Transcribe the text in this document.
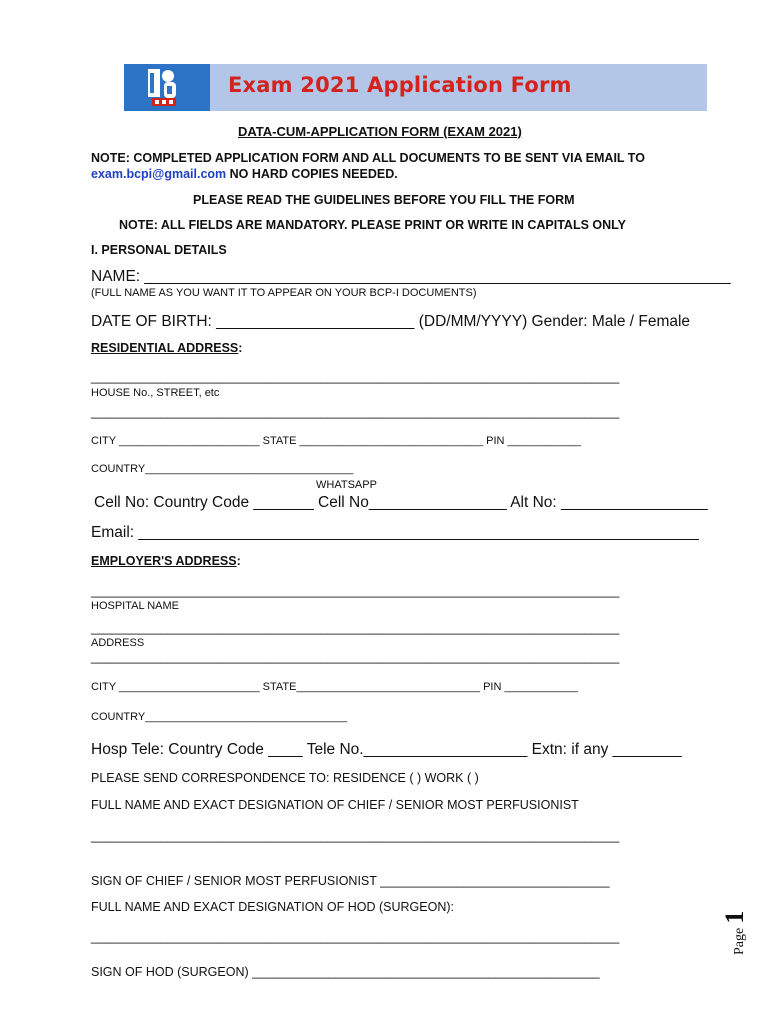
Exam 2021 Application Form
DATA-CUM-APPLICATION FORM (EXAM 2021)
NOTE: COMPLETED APPLICATION FORM AND ALL DOCUMENTS TO BE SENT VIA EMAIL TO
exam.bcpi@gmail.com NO HARD COPIES NEEDED.
PLEASE READ THE GUIDELINES BEFORE YOU FILL THE FORM
NOTE: ALL FIELDS ARE MANDATORY. PLEASE PRINT OR WRITE IN CAPITALS ONLY
I. PERSONAL DETAILS
NAME: ____________________________________________________________________
(FULL NAME AS YOU WANT IT TO APPEAR ON YOUR BCP-I DOCUMENTS)
DATE OF BIRTH: _______________________ (DD/MM/YYYY) Gender: Male / Female
RESIDENTIAL ADDRESS:
____________________________________________________________________________
HOUSE No., STREET, etc
____________________________________________________________________________
CITY _______________________ STATE ______________________________ PIN ____________
COUNTRY__________________________________
WHATSAPP
Cell No: Country Code _______ Cell No________________ Alt No: _________________
Email: _________________________________________________________________
EMPLOYER'S ADDRESS:
____________________________________________________________________________
HOSPITAL NAME
____________________________________________________________________________
ADDRESS
____________________________________________________________________________
CITY _______________________ STATE______________________________ PIN ____________
COUNTRY_________________________________
Hosp Tele: Country Code ____ Tele No.___________________ Extn: if any ________
PLEASE SEND CORRESPONDENCE TO: RESIDENCE ( ) WORK ( )
FULL NAME AND EXACT DESIGNATION OF CHIEF / SENIOR MOST PERFUSIONIST
____________________________________________________________________________
SIGN OF CHIEF / SENIOR MOST PERFUSIONIST _________________________________
FULL NAME AND EXACT DESIGNATION OF HOD (SURGEON):
____________________________________________________________________________
SIGN OF HOD (SURGEON) __________________________________________________
Page1
